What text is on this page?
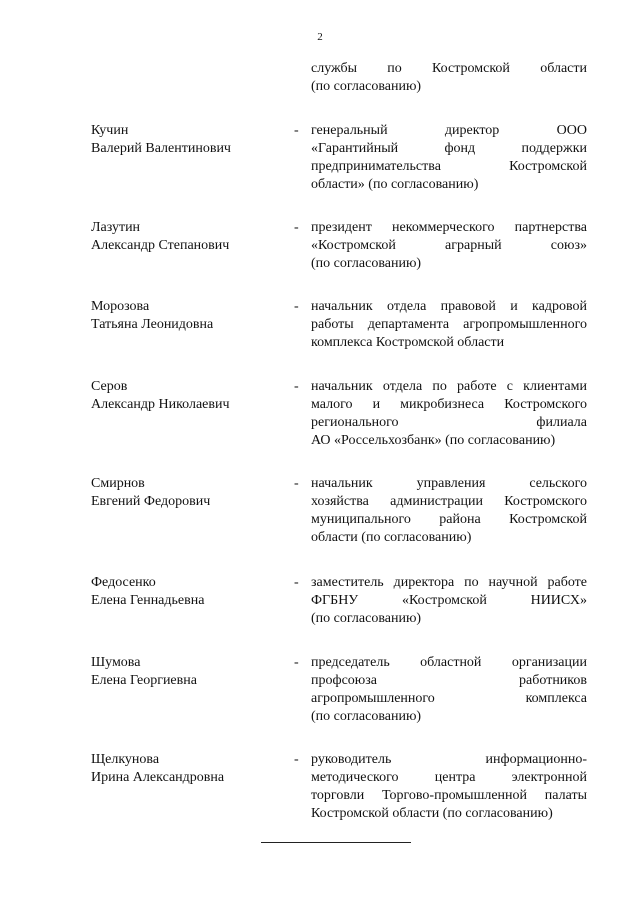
2
службы по Костромской области
(по согласованию)
Кучин
Валерий Валентинович
- генеральный директор ООО
«Гарантийный фонд поддержки
предпринимательства Костромской
области» (по согласованию)
Лазутин
Александр Степанович
- президент некоммерческого партнерства
«Костромской аграрный союз»
(по согласованию)
Морозова
Татьяна Леонидовна
- начальник отдела правовой и кадровой
работы департамента агропромышленного
комплекса Костромской области
Серов
Александр Николаевич
- начальник отдела по работе с клиентами
малого и микробизнеса Костромского
регионального филиала
АО «Россельхозбанк» (по согласованию)
Смирнов
Евгений Федорович
- начальник управления сельского
хозяйства администрации Костромского
муниципального района Костромской
области (по согласованию)
Федосенко
Елена Геннадьевна
- заместитель директора по научной работе
ФГБНУ «Костромской НИИСХ»
(по согласованию)
Шумова
Елена Георгиевна
- председатель областной организации
профсоюза работников
агропромышленного комплекса
(по согласованию)
Щелкунова
Ирина Александровна
- руководитель информационно-
методического центра электронной
торговли Торгово-промышленной палаты
Костромской области (по согласованию)
